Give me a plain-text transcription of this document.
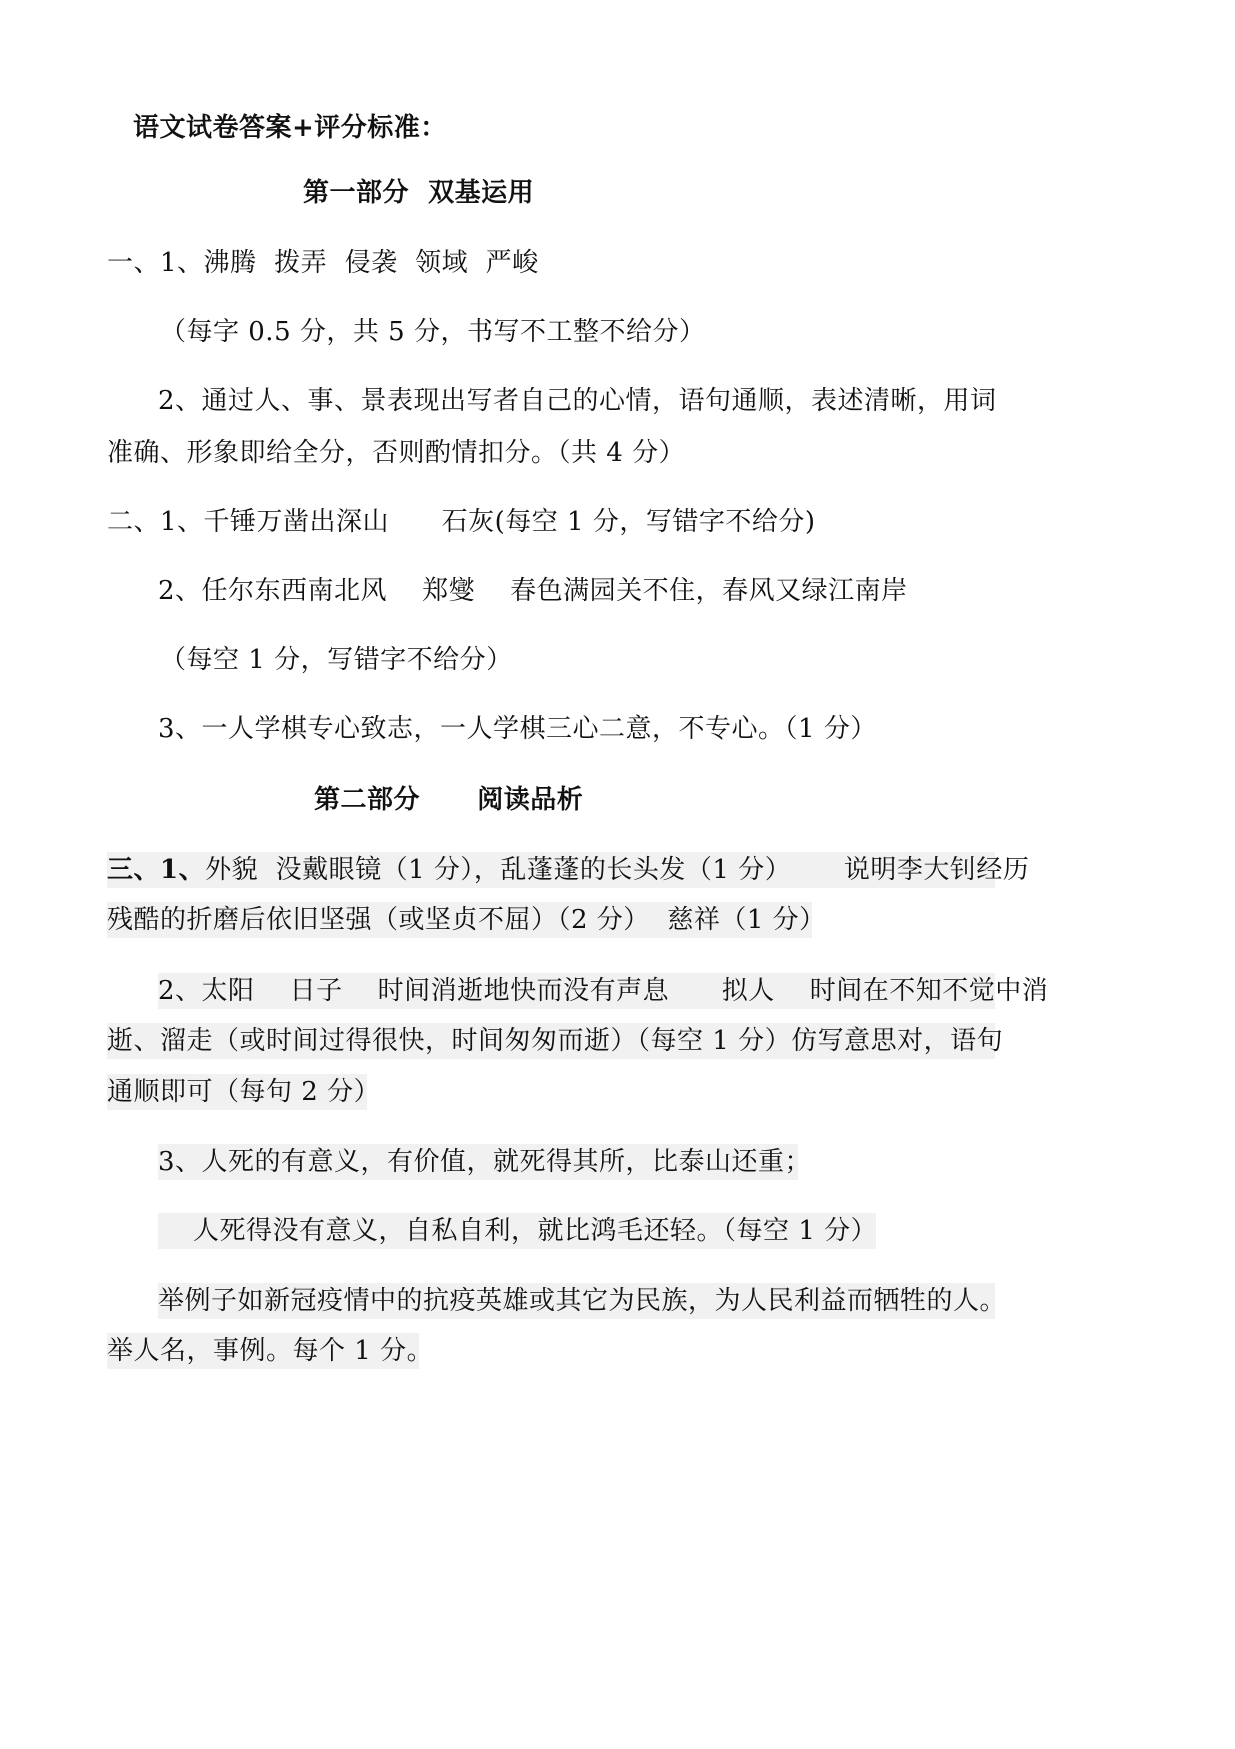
语文试卷答案+评分标准：
第一部分  双基运用
一、1、沸腾  拨弄  侵袭  领域  严峻
（每字 0.5 分，共 5 分，书写不工整不给分）
2、通过人、事、景表现出写者自己的心情，语句通顺，表述清晰，用词
准确、形象即给全分，否则酌情扣分。（共 4 分）
二、1、千锤万凿出深山      石灰(每空 1 分，写错字不给分)
2、任尔东西南北风    郑燮    春色满园关不住，春风又绿江南岸
（每空 1 分，写错字不给分）
3、一人学棋专心致志，一人学棋三心二意，不专心。（1 分）
第二部分      阅读品析
三、1、外貌  没戴眼镜（1 分），乱蓬蓬的长头发（1 分）      说明李大钊经历
残酷的折磨后依旧坚强（或坚贞不屈）（2 分）  慈祥（1 分）
2、太阳    日子    时间消逝地快而没有声息      拟人    时间在不知不觉中消
逝、溜走（或时间过得很快，时间匆匆而逝）（每空 1 分）仿写意思对，语句
通顺即可（每句 2 分）
3、人死的有意义，有价值，就死得其所，比泰山还重；
人死得没有意义，自私自利，就比鸿毛还轻。（每空 1 分）
举例子如新冠疫情中的抗疫英雄或其它为民族，为人民利益而牺牲的人。
举人名，事例。每个 1 分。
